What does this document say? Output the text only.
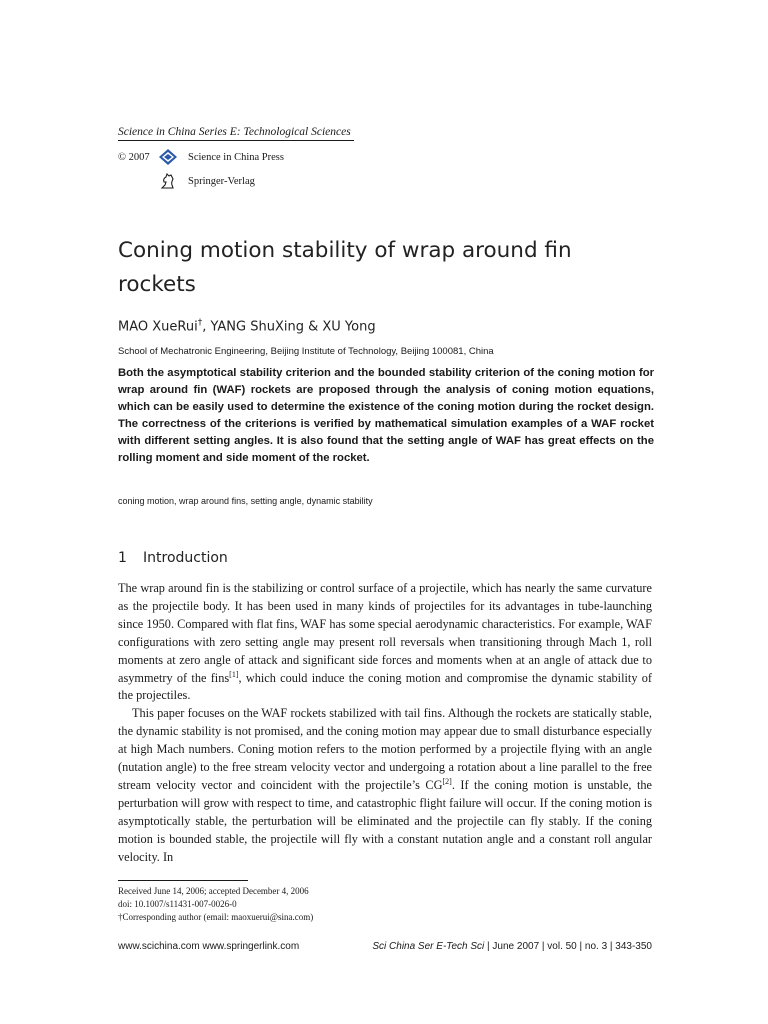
Science in China Series E: Technological Sciences
© 2007	Science in China Press
Springer-Verlag
Coning motion stability of wrap around fin rockets
MAO XueRui†, YANG ShuXing & XU Yong
School of Mechatronic Engineering, Beijing Institute of Technology, Beijing 100081, China
Both the asymptotical stability criterion and the bounded stability criterion of the coning motion for wrap around fin (WAF) rockets are proposed through the analysis of coning motion equations, which can be easily used to determine the existence of the coning motion during the rocket design. The correctness of the criterions is verified by mathematical simulation examples of a WAF rocket with different setting angles. It is also found that the setting angle of WAF has great effects on the rolling moment and side moment of the rocket.
coning motion, wrap around fins, setting angle, dynamic stability
1 Introduction

The wrap around fin is the stabilizing or control surface of a projectile, which has nearly the same curvature as the projectile body. It has been used in many kinds of projectiles for its advantages in tube-launching since 1950. Compared with flat fins, WAF has some special aerodynamic characteristics. For example, WAF configurations with zero setting angle may present roll reversals when transitioning through Mach 1, roll moments at zero angle of attack and significant side forces and moments when at an angle of attack due to asymmetry of the fins[1], which could induce the coning motion and compromise the dynamic stability of the projectiles.

This paper focuses on the WAF rockets stabilized with tail fins. Although the rockets are statically stable, the dynamic stability is not promised, and the coning motion may appear due to small disturbance especially at high Mach numbers. Coning motion refers to the motion performed by a projectile flying with an angle (nutation angle) to the free stream velocity vector and undergoing a rotation about a line parallel to the free stream velocity vector and coincident with the projectile’s CG[2]. If the coning motion is unstable, the perturbation will grow with respect to time, and catastrophic flight failure will occur. If the coning motion is asymptotically stable, the perturbation will be eliminated and the projectile can fly stably. If the coning motion is bounded stable, the projectile will fly with a constant nutation angle and a constant roll angular velocity. In

Received June 14, 2006; accepted December 4, 2006
doi: 10.1007/s11431-007-0026-0
†Corresponding author (email: maoxuerui@sina.com)
www.scichina.com www.springerlink.com	Sci China Ser E-Tech Sci | June 2007 | vol. 50 | no. 3 | 343-350
